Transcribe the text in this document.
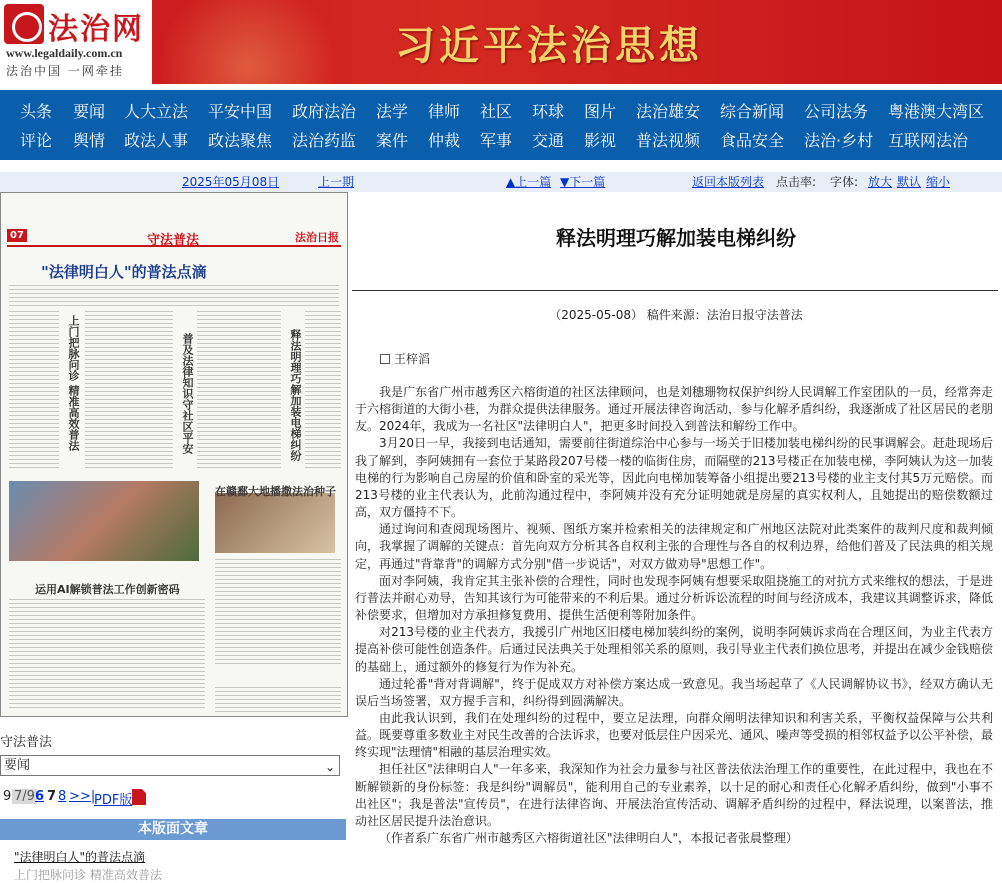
法治网
www.legaldaily.com.cn
法治中国 一网牵挂
习近平法治思想
头条 要闻 人大立法 平安中国 政府法治 法学 律师 社区 环球 图片 法治雄安 综合新闻 公司法务 粤港澳大湾区
评论 舆情 政法人事 政法聚焦 法治药监 案件 仲裁 军事 交通 影视 普法视频 食品安全 法治·乡村 互联网法治
2025年05月08日	上一期	▲上一篇 ▼下一篇	返回本版列表 点击率: 字体: 放大 默认 缩小
07	守法普法	法治日报
"法律明白人"的普法点滴
上门把脉问诊 精准高效普法	普及法律知识守社区平安	释法明理巧解加装电梯纠纷
在赣鄱大地播撒法治种子
运用AI解锁普法工作创新密码
守法普法
要闻	⌄
9 7/9 6 7 8 > >|
PDF版
本版面文章
"法律明白人"的普法点滴
上门把脉问诊 精准高效普法
释法明理巧解加装电梯纠纷
（2025-05-08） 稿件来源：法治日报守法普法
王梓滔

我是广东省广州市越秀区六榕街道的社区法律顾问，也是刘穗珊物权保护纠纷人民调解工作室团队的一员，经常奔走于六榕街道的大街小巷，为群众提供法律服务。通过开展法律咨询活动，参与化解矛盾纠纷，我逐渐成了社区居民的老朋友。2024年，我成为一名社区"法律明白人"，把更多时间投入到普法和解纷工作中。

3月20日一早，我接到电话通知，需要前往街道综治中心参与一场关于旧楼加装电梯纠纷的民事调解会。赶赴现场后我了解到，李阿姨拥有一套位于某路段207号楼一楼的临街住房，而隔壁的213号楼正在加装电梯，李阿姨认为这一加装电梯的行为影响自己房屋的价值和卧室的采光等，因此向电梯加装筹备小组提出要213号楼的业主支付其5万元赔偿。而213号楼的业主代表认为，此前沟通过程中，李阿姨并没有充分证明她就是房屋的真实权利人，且她提出的赔偿数额过高，双方僵持不下。

通过询问和查阅现场图片、视频、图纸方案并检索相关的法律规定和广州地区法院对此类案件的裁判尺度和裁判倾向，我掌握了调解的关键点：首先向双方分析其各自权利主张的合理性与各自的权利边界，给他们普及了民法典的相关规定，再通过"背靠背"的调解方式分别"借一步说话"，对双方做劝导"思想工作"。

面对李阿姨，我肯定其主张补偿的合理性，同时也发现李阿姨有想要采取阻挠施工的对抗方式来维权的想法，于是进行普法并耐心劝导，告知其该行为可能带来的不利后果。通过分析诉讼流程的时间与经济成本，我建议其调整诉求，降低补偿要求，但增加对方承担修复费用、提供生活便利等附加条件。

对213号楼的业主代表方，我援引广州地区旧楼电梯加装纠纷的案例，说明李阿姨诉求尚在合理区间，为业主代表方提高补偿可能性创造条件。后通过民法典关于处理相邻关系的原则，我引导业主代表们换位思考，并提出在减少金钱赔偿的基础上，通过额外的修复行为作为补充。

通过轮番"背对背调解"，终于促成双方对补偿方案达成一致意见。我当场起草了《人民调解协议书》，经双方确认无误后当场签署，双方握手言和，纠纷得到圆满解决。

由此我认识到，我们在处理纠纷的过程中，要立足法理，向群众阐明法律知识和利害关系，平衡权益保障与公共利益。既要尊重多数业主对民生改善的合法诉求，也要对低层住户因采光、通风、噪声等受损的相邻权益予以公平补偿，最终实现"法理情"相融的基层治理实效。

担任社区"法律明白人"一年多来，我深知作为社会力量参与社区普法依法治理工作的重要性，在此过程中，我也在不断解锁新的身份标签：我是纠纷"调解员"，能利用自己的专业素养，以十足的耐心和责任心化解矛盾纠纷，做到"小事不出社区"；我是普法"宣传员"，在进行法律咨询、开展法治宣传活动、调解矛盾纠纷的过程中，释法说理，以案普法，推动社区居民提升法治意识。

（作者系广东省广州市越秀区六榕街道社区"法律明白人"，本报记者张晨整理）
